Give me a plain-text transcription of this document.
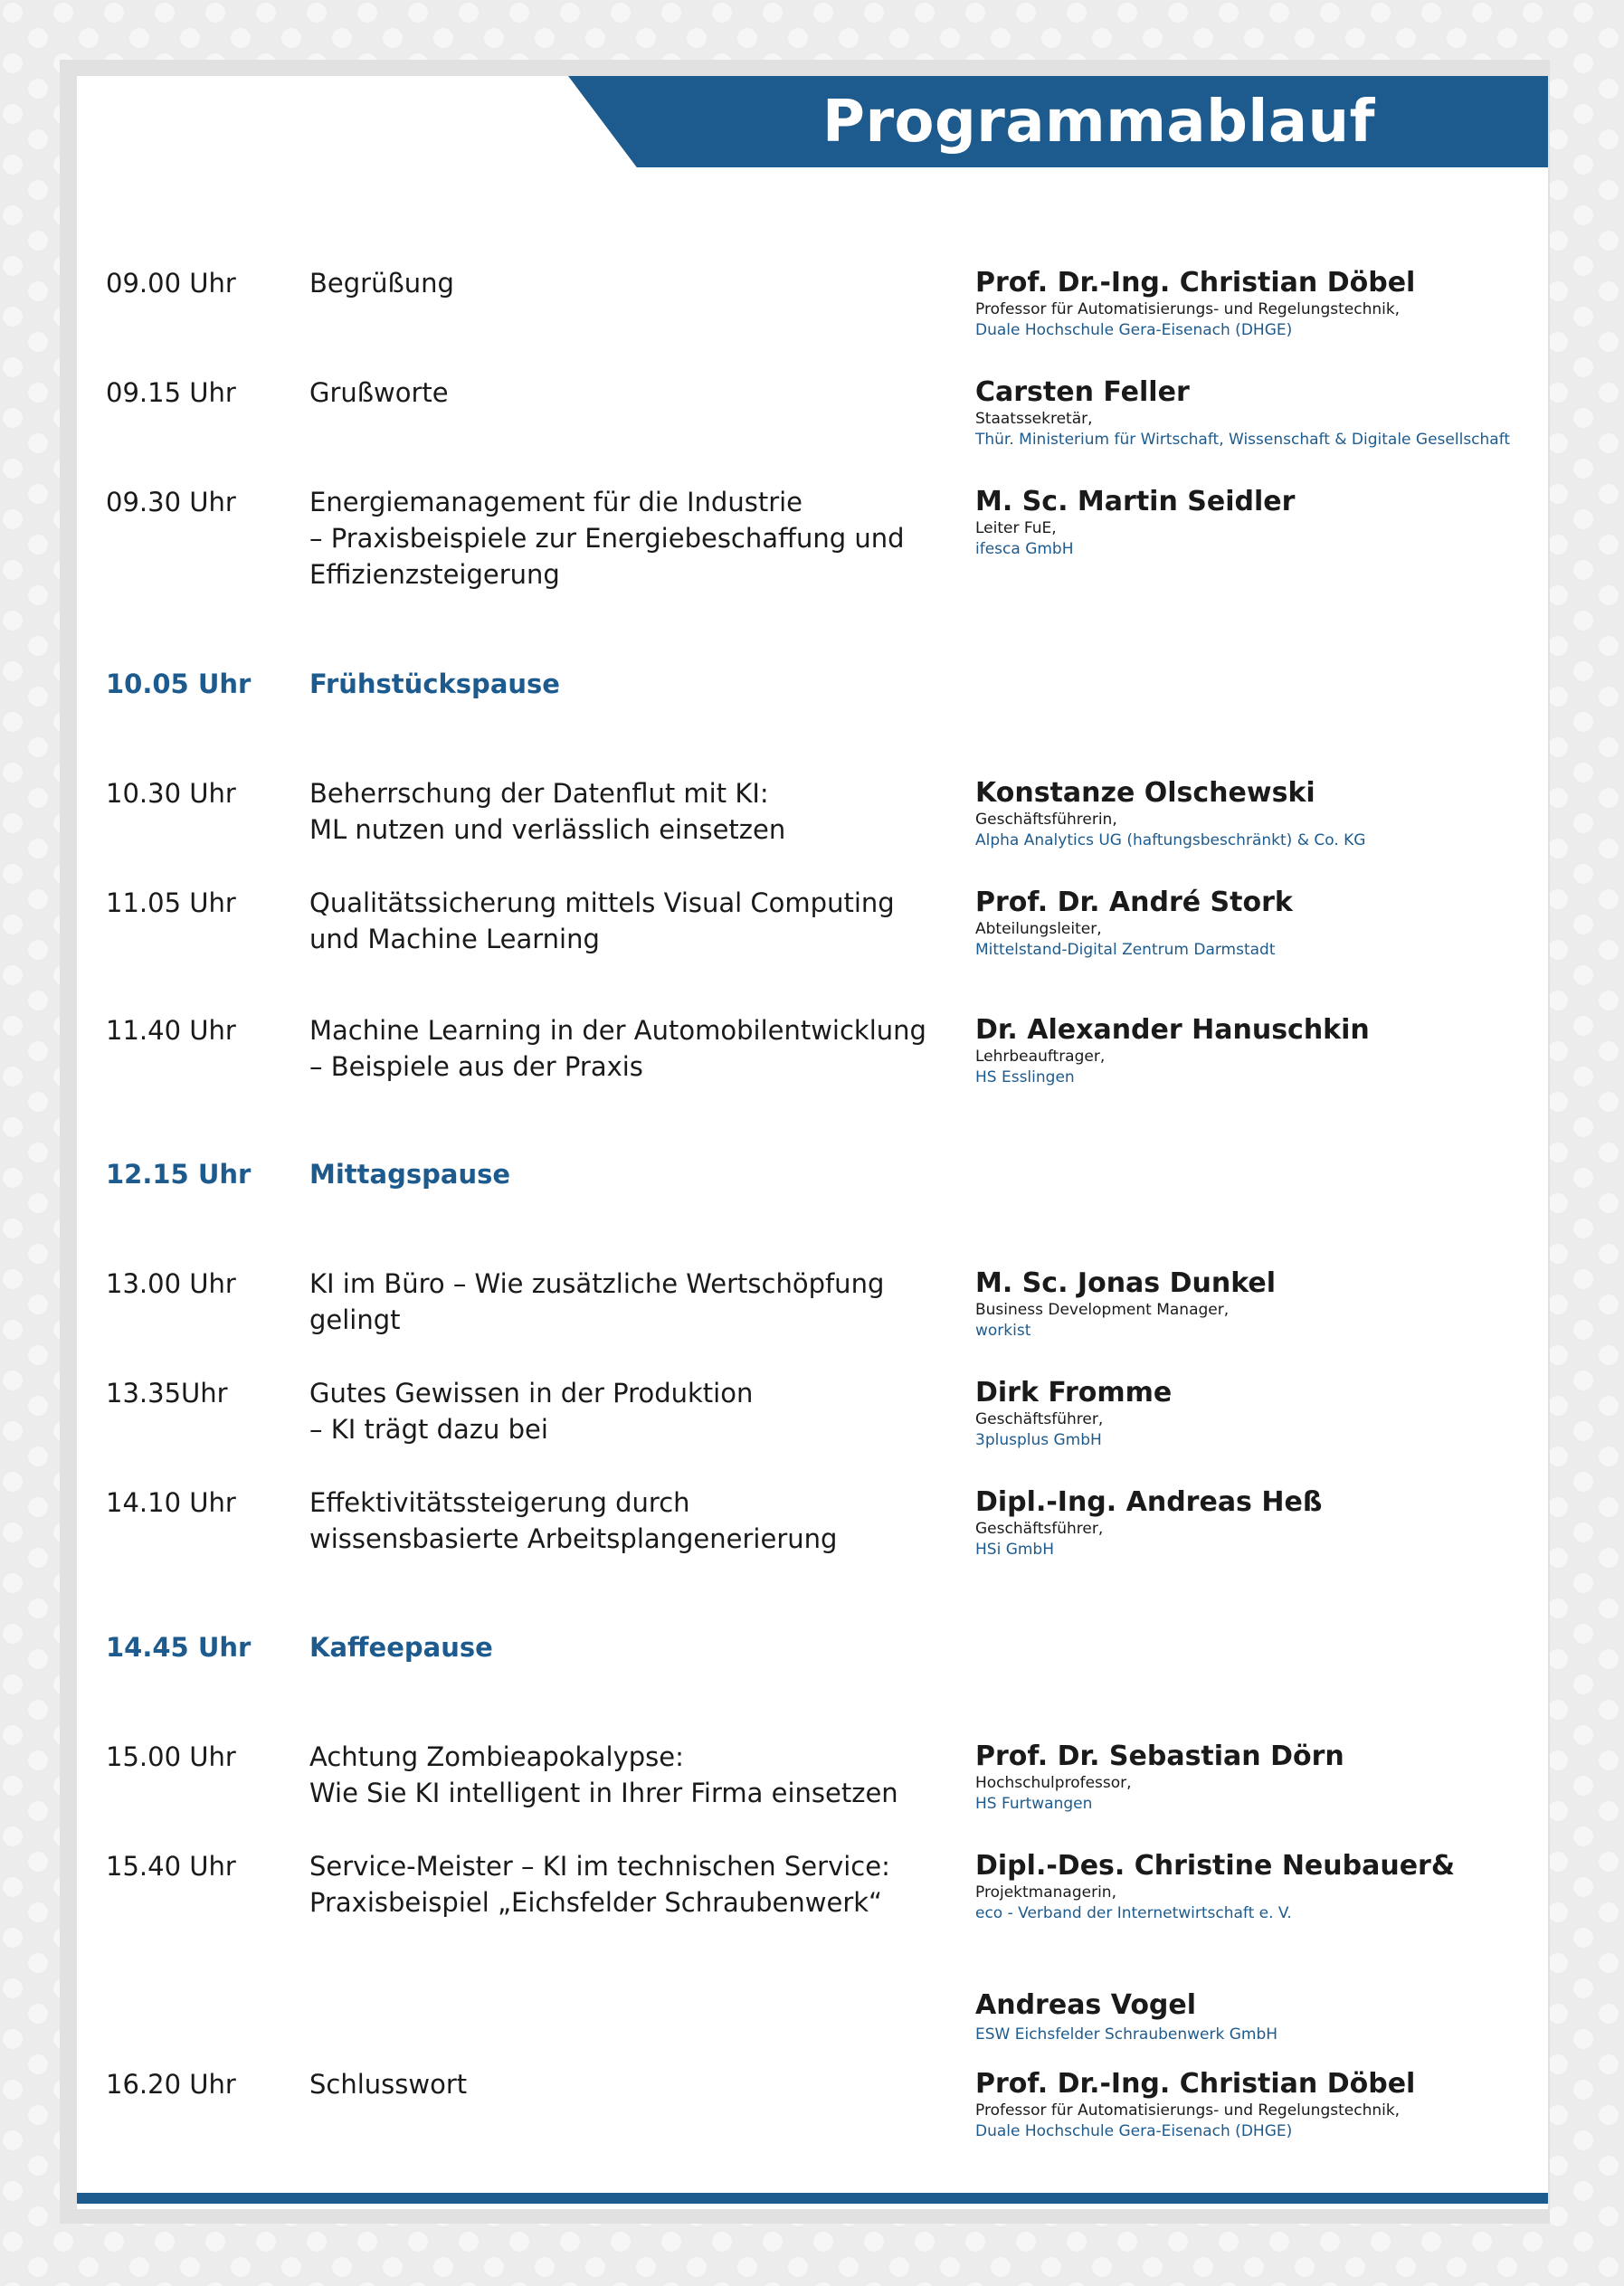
Programmablauf
09.00 Uhr	Begrüßung	Prof. Dr.-Ing. Christian Döbel
Professor für Automatisierungs- und Regelungstechnik,
Duale Hochschule Gera-Eisenach (DHGE)
09.15 Uhr	Grußworte	Carsten Feller
Staatssekretär,
Thür. Ministerium für Wirtschaft, Wissenschaft & Digitale Gesellschaft
09.30 Uhr	Energiemanagement für die Industrie
– Praxisbeispiele zur Energiebeschaffung und
Effizienzsteigerung
M. Sc. Martin Seidler
Leiter FuE,
ifesca GmbH
10.05 Uhr Frühstückspause
10.30 Uhr	Beherrschung der Datenflut mit KI:
ML nutzen und verlässlich einsetzen
Konstanze Olschewski
Geschäftsführerin,
Alpha Analytics UG (haftungsbeschränkt) & Co. KG
11.05 Uhr	Qualitätssicherung mittels Visual Computing
und Machine Learning
Prof. Dr. André Stork
Abteilungsleiter,
Mittelstand-Digital Zentrum Darmstadt
11.40 Uhr	Machine Learning in der Automobilentwicklung
– Beispiele aus der Praxis
Dr. Alexander Hanuschkin
Lehrbeauftrager,
HS Esslingen
12.15 Uhr Mittagspause
13.00 Uhr	KI im Büro – Wie zusätzliche Wertschöpfung
gelingt
M. Sc. Jonas Dunkel
Business Development Manager,
workist
13.35Uhr	Gutes Gewissen in der Produktion
– KI trägt dazu bei
Dirk Fromme
Geschäftsführer,
3plusplus GmbH
14.10 Uhr	Effektivitätssteigerung durch
wissensbasierte Arbeitsplangenerierung
Dipl.-Ing. Andreas Heß
Geschäftsführer,
HSi GmbH
14.45 Uhr Kaffeepause
15.00 Uhr	Achtung Zombieapokalypse:
Wie Sie KI intelligent in Ihrer Firma einsetzen
Prof. Dr. Sebastian Dörn
Hochschulprofessor,
HS Furtwangen
15.40 Uhr	Service-Meister – KI im technischen Service:
Praxisbeispiel „Eichsfelder Schraubenwerk“
Dipl.-Des. Christine Neubauer&
Projektmanagerin,
eco - Verband der Internetwirtschaft e. V.
Andreas Vogel
ESW Eichsfelder Schraubenwerk GmbH
16.20 Uhr	Schlusswort	Prof. Dr.-Ing. Christian Döbel
Professor für Automatisierungs- und Regelungstechnik,
Duale Hochschule Gera-Eisenach (DHGE)
